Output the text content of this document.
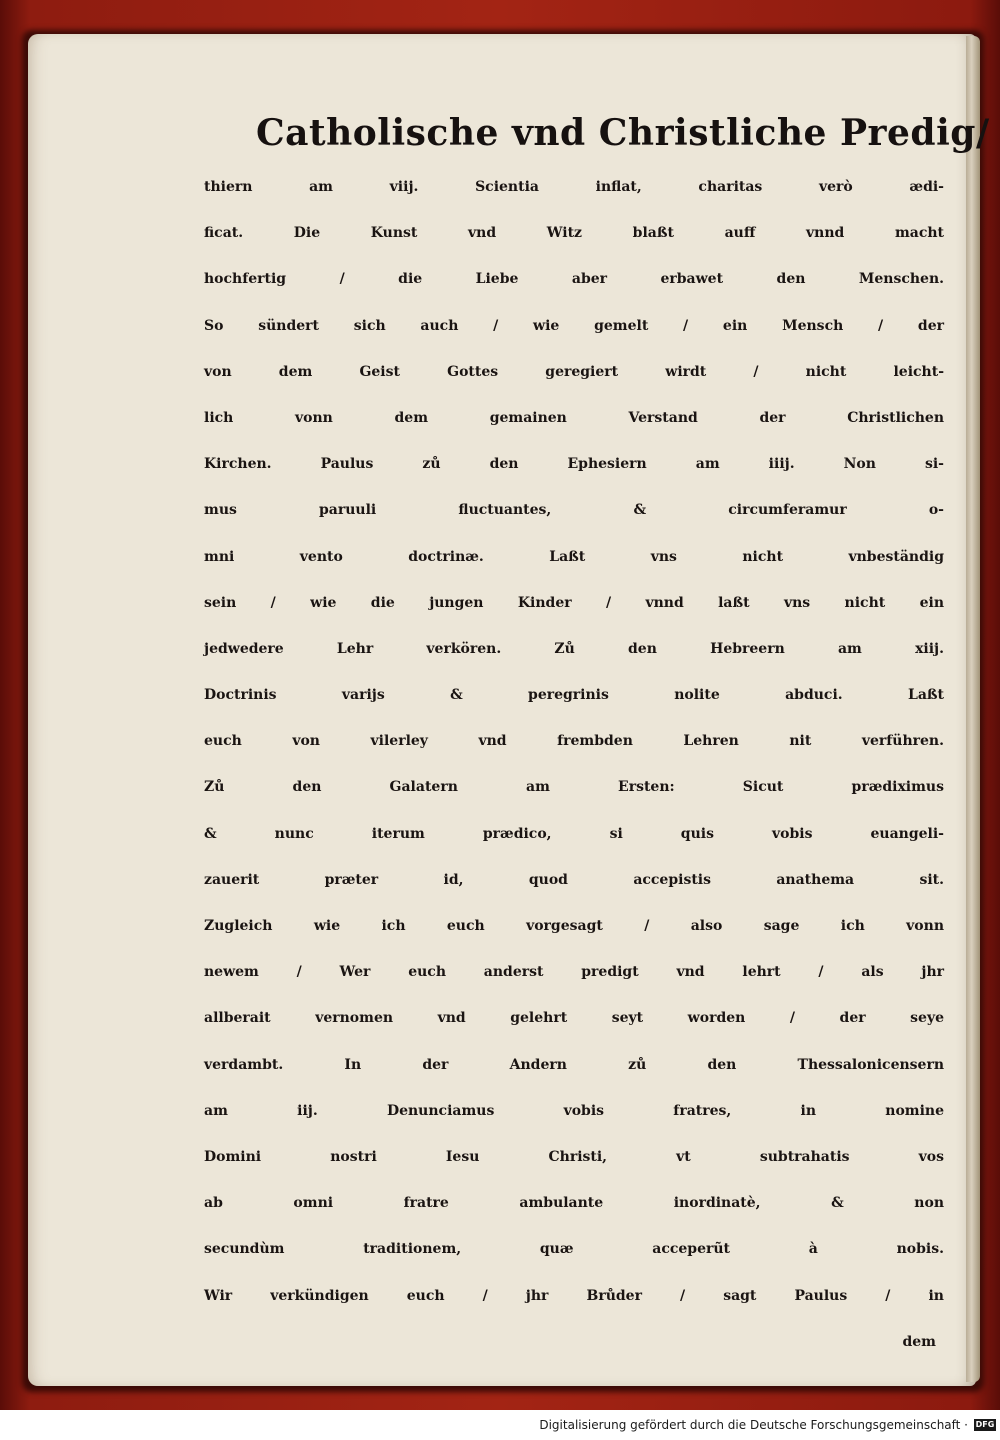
Catholische vnd Christliche Predig/
thiern am viij. Scientia inflat, charitas verò ædi-
ficat. Die Kunst vnd Witz blaßt auff vnnd macht
hochfertig / die Liebe aber erbawet den Menschen.
So sündert sich auch / wie gemelt / ein Mensch / der
von dem Geist Gottes geregiert wirdt / nicht leicht-
lich vonn dem gemainen Verstand der Christlichen
Kirchen. Paulus zů den Ephesiern am iiij. Non si-
mus paruuli fluctuantes, & circumferamur o-
mni vento doctrinæ. Laßt vns nicht vnbeständig
sein / wie die jungen Kinder / vnnd laßt vns nicht ein
jedwedere Lehr verkören. Zů den Hebreern am xiij.
Doctrinis varijs & peregrinis nolite abduci. Laßt
euch von vilerley vnd frembden Lehren nit verführen.
Zů den Galatern am Ersten: Sicut prædiximus
& nunc iterum prædico, si quis vobis euangeli-
zauerit præter id, quod accepistis anathema sit.
Zugleich wie ich euch vorgesagt / also sage ich vonn
newem / Wer euch anderst predigt vnd lehrt / als jhr
allberait vernomen vnd gelehrt seyt worden / der seye
verdambt. In der Andern zů den Thessalonicensern
am iij. Denunciamus vobis fratres, in nomine
Domini nostri Iesu Christi, vt subtrahatis vos
ab omni fratre ambulante inordinatè, & non
secundùm traditionem, quæ acceperũt à nobis.
Wir verkündigen euch / jhr Brůder / sagt Paulus / in
dem
Digitalisierung gefördert durch die Deutsche Forschungsgemeinschaft · DFG
